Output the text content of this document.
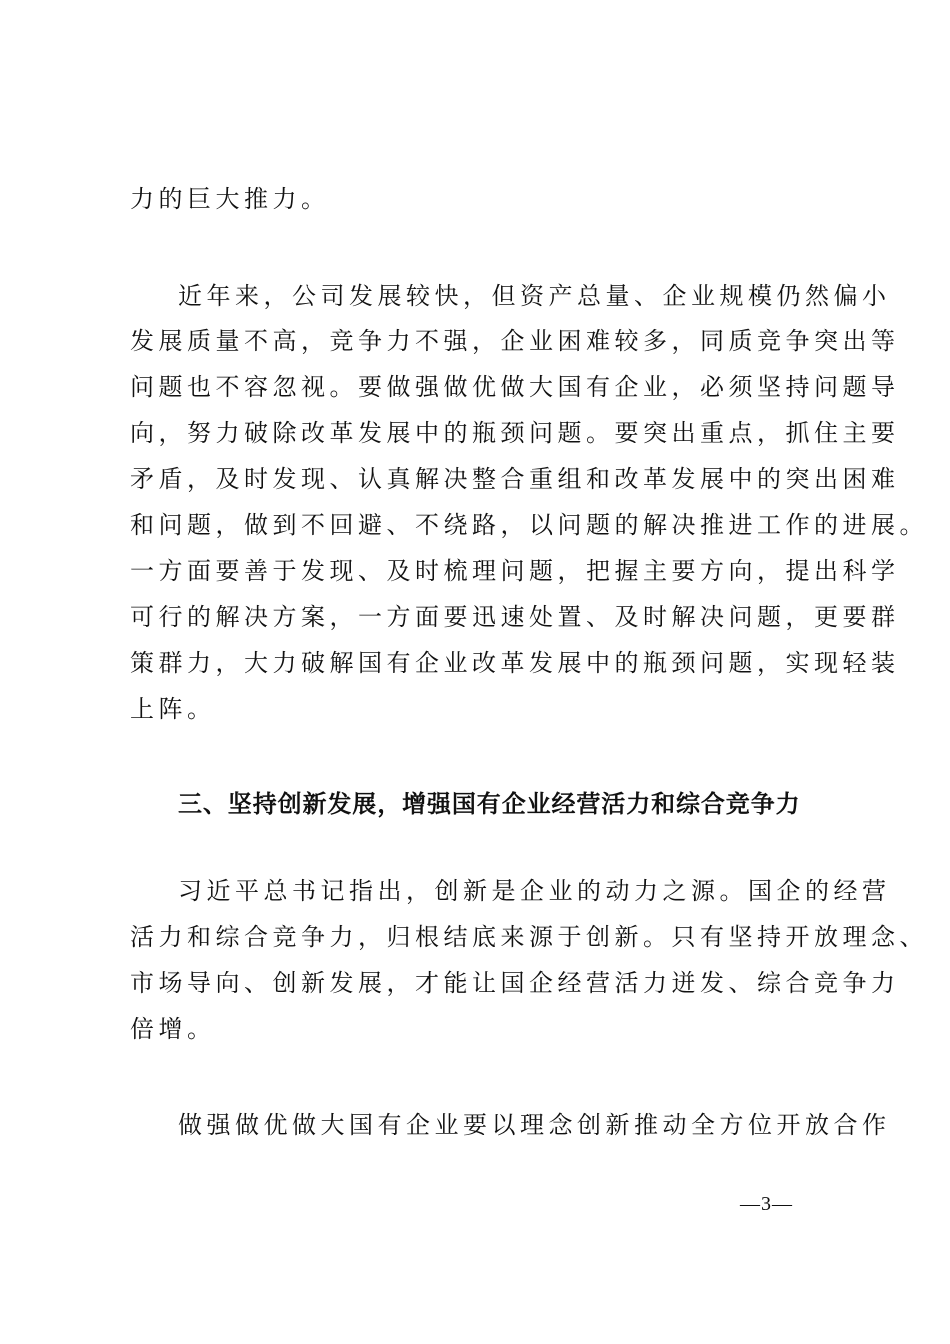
力的巨大推力。

近年来，公司发展较快，但资产总量、企业规模仍然偏小

发展质量不高，竞争力不强，企业困难较多，同质竞争突出等

问题也不容忽视。要做强做优做大国有企业，必须坚持问题导

向，努力破除改革发展中的瓶颈问题。要突出重点，抓住主要

矛盾，及时发现、认真解决整合重组和改革发展中的突出困难

和问题，做到不回避、不绕路，以问题的解决推进工作的进展。

一方面要善于发现、及时梳理问题，把握主要方向，提出科学

可行的解决方案，一方面要迅速处置、及时解决问题，更要群

策群力，大力破解国有企业改革发展中的瓶颈问题，实现轻装

上阵。

三、坚持创新发展，增强国有企业经营活力和综合竞争力

习近平总书记指出，创新是企业的动力之源。国企的经营

活力和综合竞争力，归根结底来源于创新。只有坚持开放理念、

市场导向、创新发展，才能让国企经营活力迸发、综合竞争力

倍增。

做强做优做大国有企业要以理念创新推动全方位开放合作

—3—
